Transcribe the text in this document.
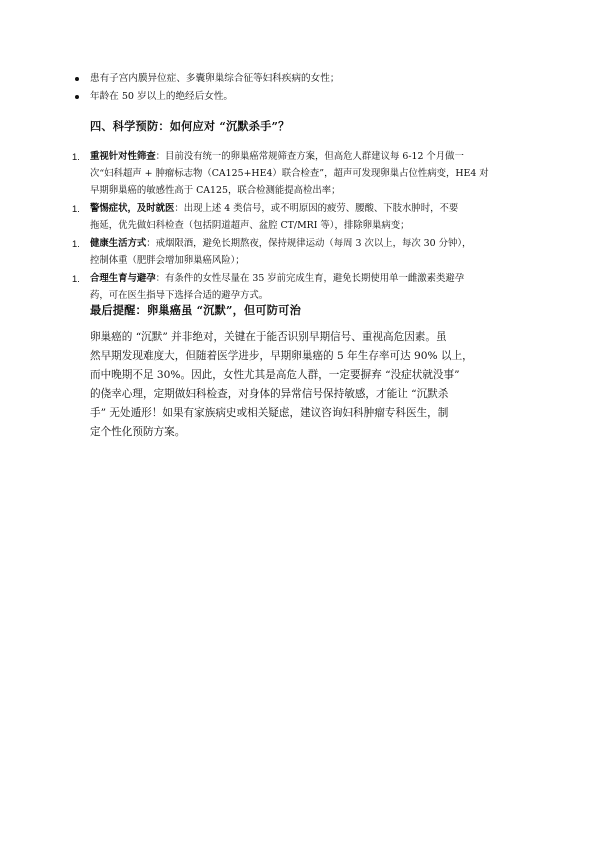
患有子宫内膜异位症、多囊卵巢综合征等妇科疾病的女性；
年龄在 50 岁以上的绝经后女性。
四、科学预防：如何应对 “沉默杀手”？
1. 重视针对性筛查：目前没有统一的卵巢癌常规筛查方案，但高危人群建议每 6-12 个月做一
次“妇科超声 + 肿瘤标志物（CA125+HE4）联合检查”，超声可发现卵巢占位性病变，HE4 对
早期卵巢癌的敏感性高于 CA125，联合检测能提高检出率；
1. 警惕症状，及时就医：出现上述 4 类信号，或不明原因的疲劳、腰酸、下肢水肿时，不要
拖延，优先做妇科检查（包括阴道超声、盆腔 CT/MRI 等），排除卵巢病变；
1. 健康生活方式：戒烟限酒，避免长期熬夜，保持规律运动（每周 3 次以上，每次 30 分钟），
控制体重（肥胖会增加卵巢癌风险）；
1. 合理生育与避孕：有条件的女性尽量在 35 岁前完成生育，避免长期使用单一雌激素类避孕
药，可在医生指导下选择合适的避孕方式。
最后提醒：卵巢癌虽 “沉默”，但可防可治
卵巢癌的 “沉默” 并非绝对，关键在于能否识别早期信号、重视高危因素。虽
然早期发现难度大，但随着医学进步，早期卵巢癌的 5 年生存率可达 90% 以上，
而中晚期不足 30%。因此，女性尤其是高危人群，一定要摒弃 “没症状就没事”
的侥幸心理，定期做妇科检查，对身体的异常信号保持敏感，才能让 “沉默杀
手” 无处遁形！如果有家族病史或相关疑虑，建议咨询妇科肿瘤专科医生，制
定个性化预防方案。
